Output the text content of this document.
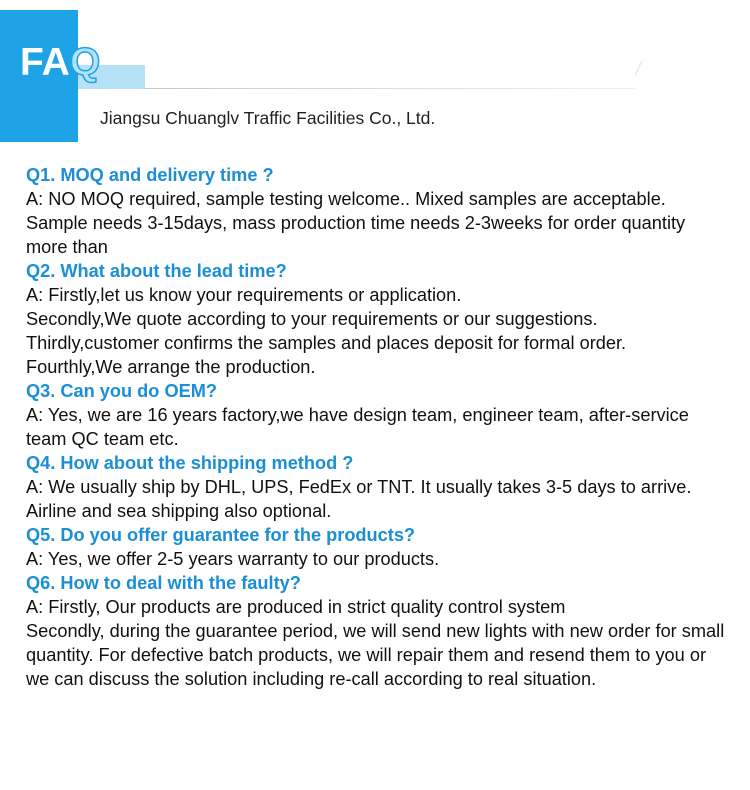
FAQ
Jiangsu Chuanglv Traffic Facilities Co., Ltd.

Q1. MOQ and delivery time ?

A: NO MOQ required, sample testing welcome.. Mixed samples are acceptable.

Sample needs 3-15days, mass production time needs 2-3weeks for order quantity more than

Q2. What about the lead time?

A: Firstly,let us know your requirements or application.

Secondly,We quote according to your requirements or our suggestions.

Thirdly,customer confirms the samples and places deposit for formal order.

Fourthly,We arrange the production.

Q3. Can you do OEM?

A: Yes, we are 16 years factory,we have design team, engineer team, after-service team QC team etc.

Q4. How about the shipping method ?

A: We usually ship by DHL, UPS, FedEx or TNT. It usually takes 3-5 days to arrive. Airline and sea shipping also optional.

Q5. Do you offer guarantee for the products?

A: Yes, we offer 2-5 years warranty to our products.

Q6. How to deal with the faulty?

A: Firstly, Our products are produced in strict quality control system

Secondly, during the guarantee period, we will send new lights with new order for small quantity. For defective batch products, we will repair them and resend them to you or we can discuss the solution including re-call according to real situation.
